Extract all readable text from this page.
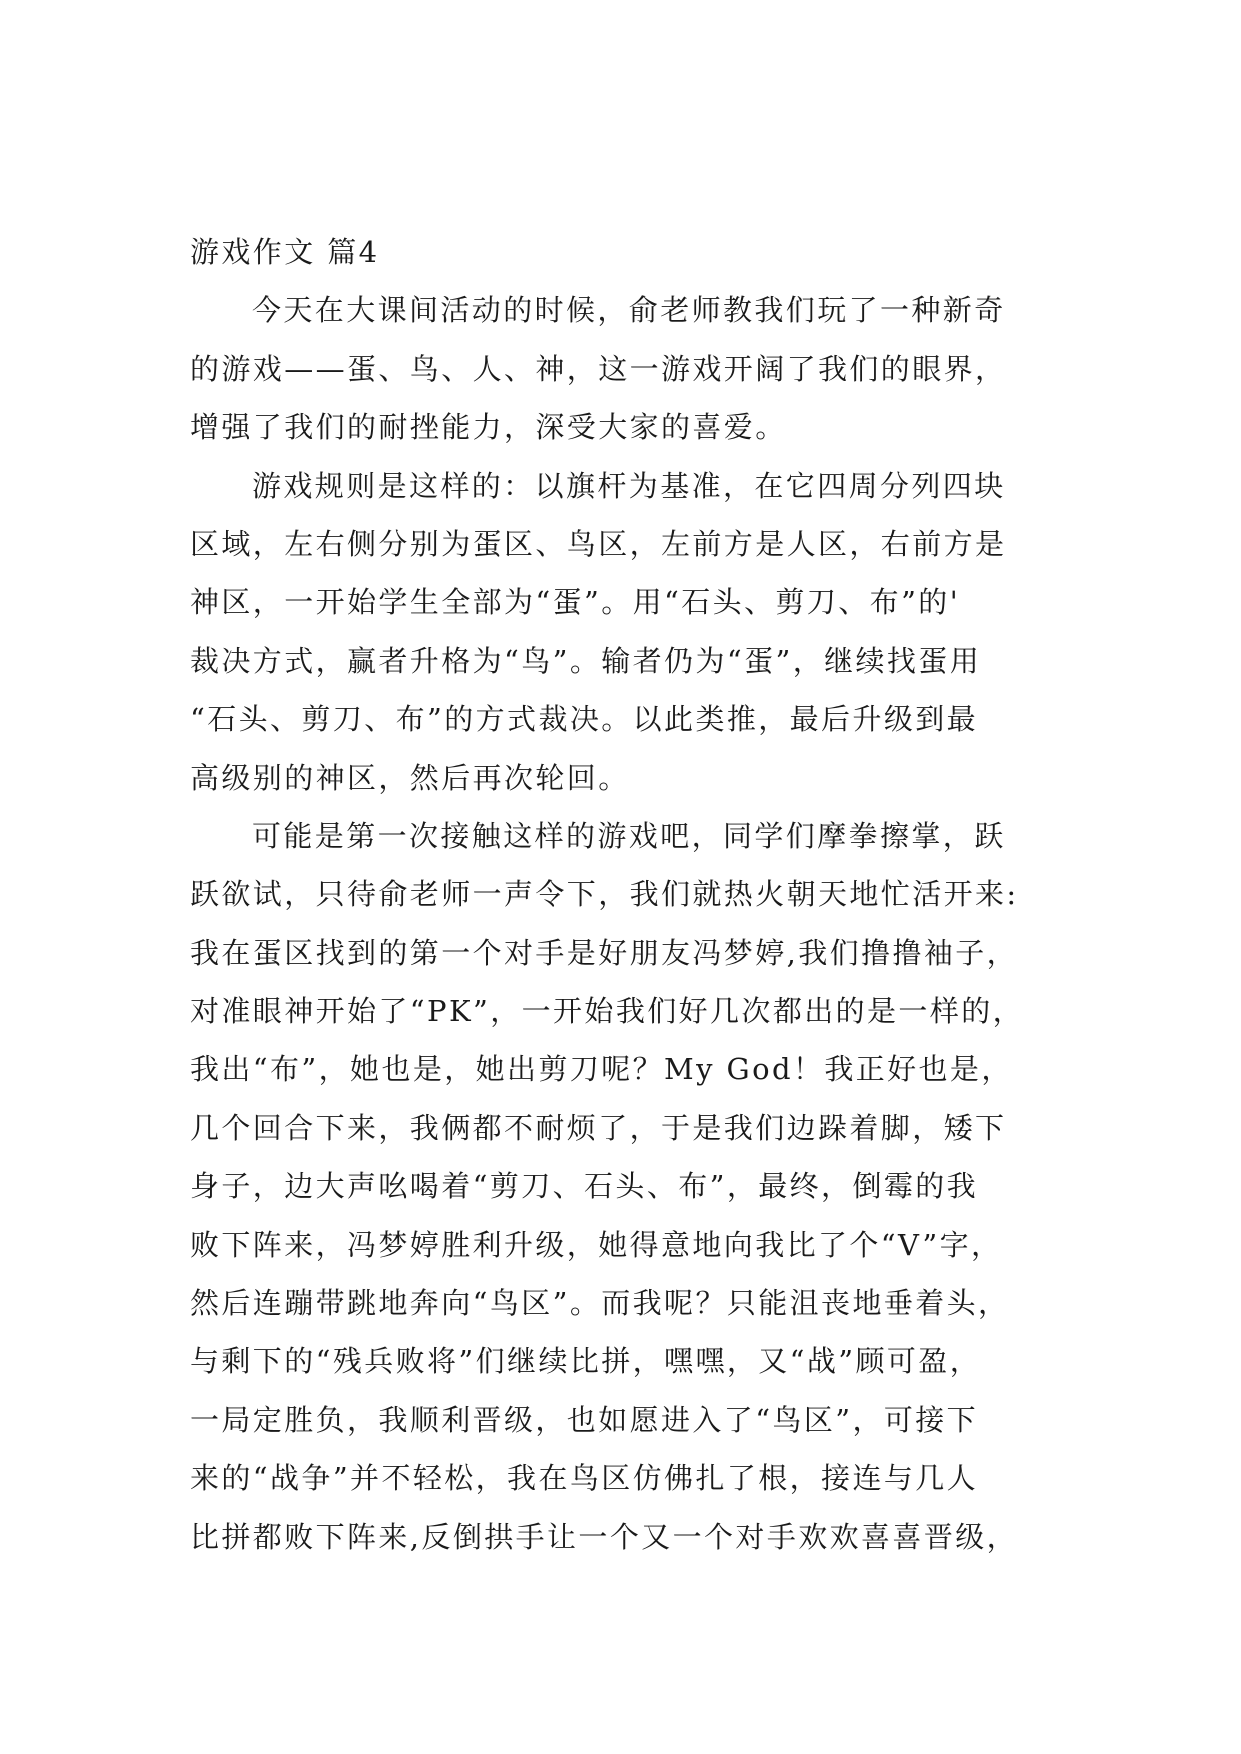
游戏作文 篇4
今天在大课间活动的时候，俞老师教我们玩了一种新奇
的游戏——蛋、鸟、人、神，这一游戏开阔了我们的眼界，
增强了我们的耐挫能力，深受大家的喜爱。
游戏规则是这样的：以旗杆为基准，在它四周分列四块
区域，左右侧分别为蛋区、鸟区，左前方是人区，右前方是
神区，一开始学生全部为“蛋”。用“石头、剪刀、布”的'
裁决方式，赢者升格为“鸟”。输者仍为“蛋”，继续找蛋用
“石头、剪刀、布”的方式裁决。以此类推，最后升级到最
高级别的神区，然后再次轮回。
可能是第一次接触这样的游戏吧，同学们摩拳擦掌，跃
跃欲试，只待俞老师一声令下，我们就热火朝天地忙活开来:
我在蛋区找到的第一个对手是好朋友冯梦婷,我们撸撸袖子，
对准眼神开始了“PK”，一开始我们好几次都出的是一样的，
我出“布”，她也是，她出剪刀呢？My God！我正好也是，
几个回合下来，我俩都不耐烦了，于是我们边跺着脚，矮下
身子，边大声吆喝着“剪刀、石头、布”，最终，倒霉的我
败下阵来，冯梦婷胜利升级，她得意地向我比了个“V”字，
然后连蹦带跳地奔向“鸟区”。而我呢？只能沮丧地垂着头，
与剩下的“残兵败将”们继续比拼，嘿嘿，又“战”顾可盈，
一局定胜负，我顺利晋级，也如愿进入了“鸟区”，可接下
来的“战争”并不轻松，我在鸟区仿佛扎了根，接连与几人
比拼都败下阵来,反倒拱手让一个又一个对手欢欢喜喜晋级，
